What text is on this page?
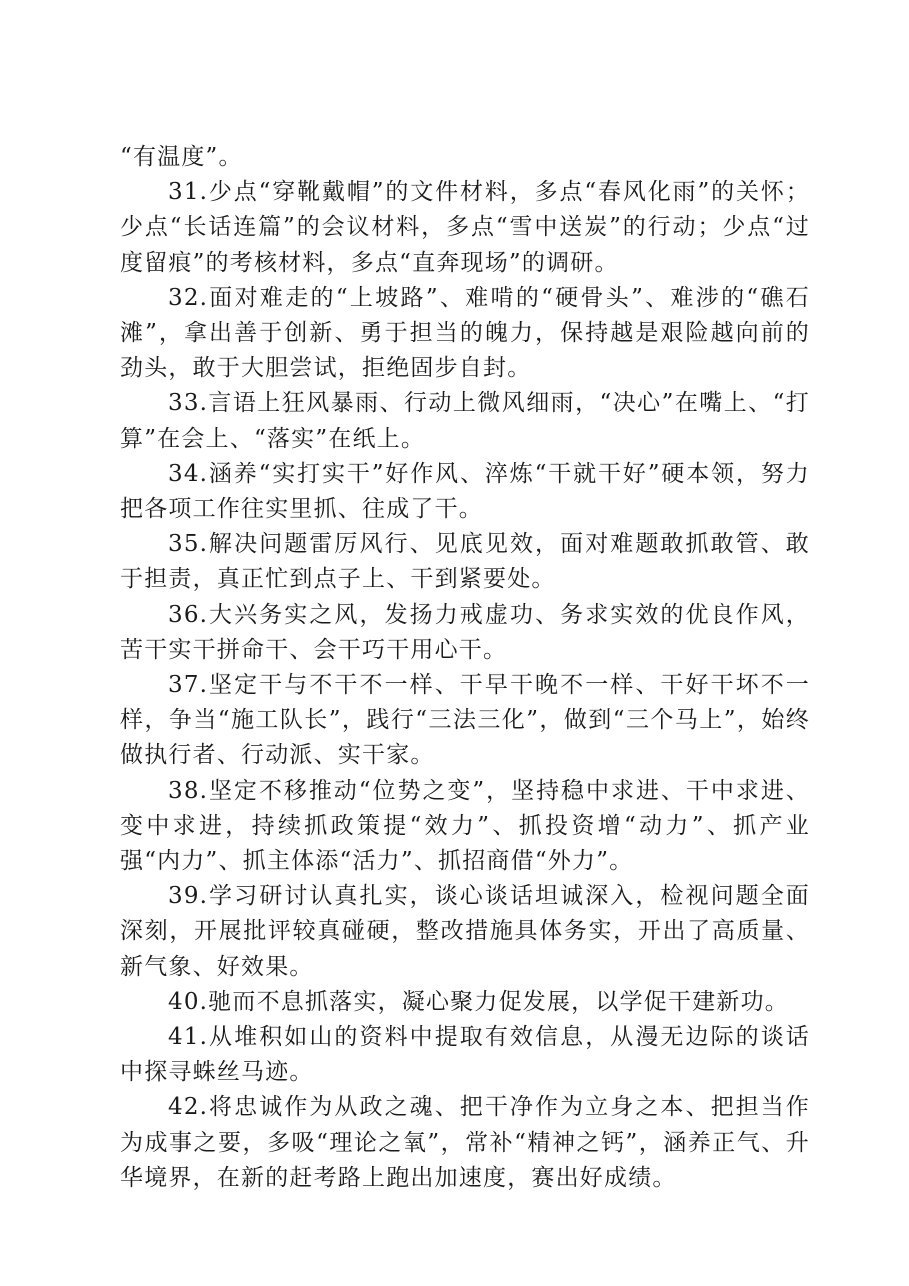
“有温度”。

31.少点“穿靴戴帽”的文件材料，多点“春风化雨”的关怀；少点“长话连篇”的会议材料，多点“雪中送炭”的行动；少点“过度留痕”的考核材料，多点“直奔现场”的调研。

32.面对难走的“上坡路”、难啃的“硬骨头”、难涉的“礁石滩”，拿出善于创新、勇于担当的魄力，保持越是艰险越向前的劲头，敢于大胆尝试，拒绝固步自封。

33.言语上狂风暴雨、行动上微风细雨，“决心”在嘴上、“打算”在会上、“落实”在纸上。

34.涵养“实打实干”好作风、淬炼“干就干好”硬本领，努力把各项工作往实里抓、往成了干。

35.解决问题雷厉风行、见底见效，面对难题敢抓敢管、敢于担责，真正忙到点子上、干到紧要处。

36.大兴务实之风，发扬力戒虚功、务求实效的优良作风，苦干实干拼命干、会干巧干用心干。

37.坚定干与不干不一样、干早干晚不一样、干好干坏不一样，争当“施工队长”，践行“三法三化”，做到“三个马上”，始终做执行者、行动派、实干家。

38.坚定不移推动“位势之变”，坚持稳中求进、干中求进、变中求进，持续抓政策提“效力”、抓投资增“动力”、抓产业强“内力”、抓主体添“活力”、抓招商借“外力”。

39.学习研讨认真扎实，谈心谈话坦诚深入，检视问题全面深刻，开展批评较真碰硬，整改措施具体务实，开出了高质量、新气象、好效果。

40.驰而不息抓落实，凝心聚力促发展，以学促干建新功。

41.从堆积如山的资料中提取有效信息，从漫无边际的谈话中探寻蛛丝马迹。

42.将忠诚作为从政之魂、把干净作为立身之本、把担当作为成事之要，多吸“理论之氧”，常补“精神之钙”，涵养正气、升华境界，在新的赶考路上跑出加速度，赛出好成绩。
